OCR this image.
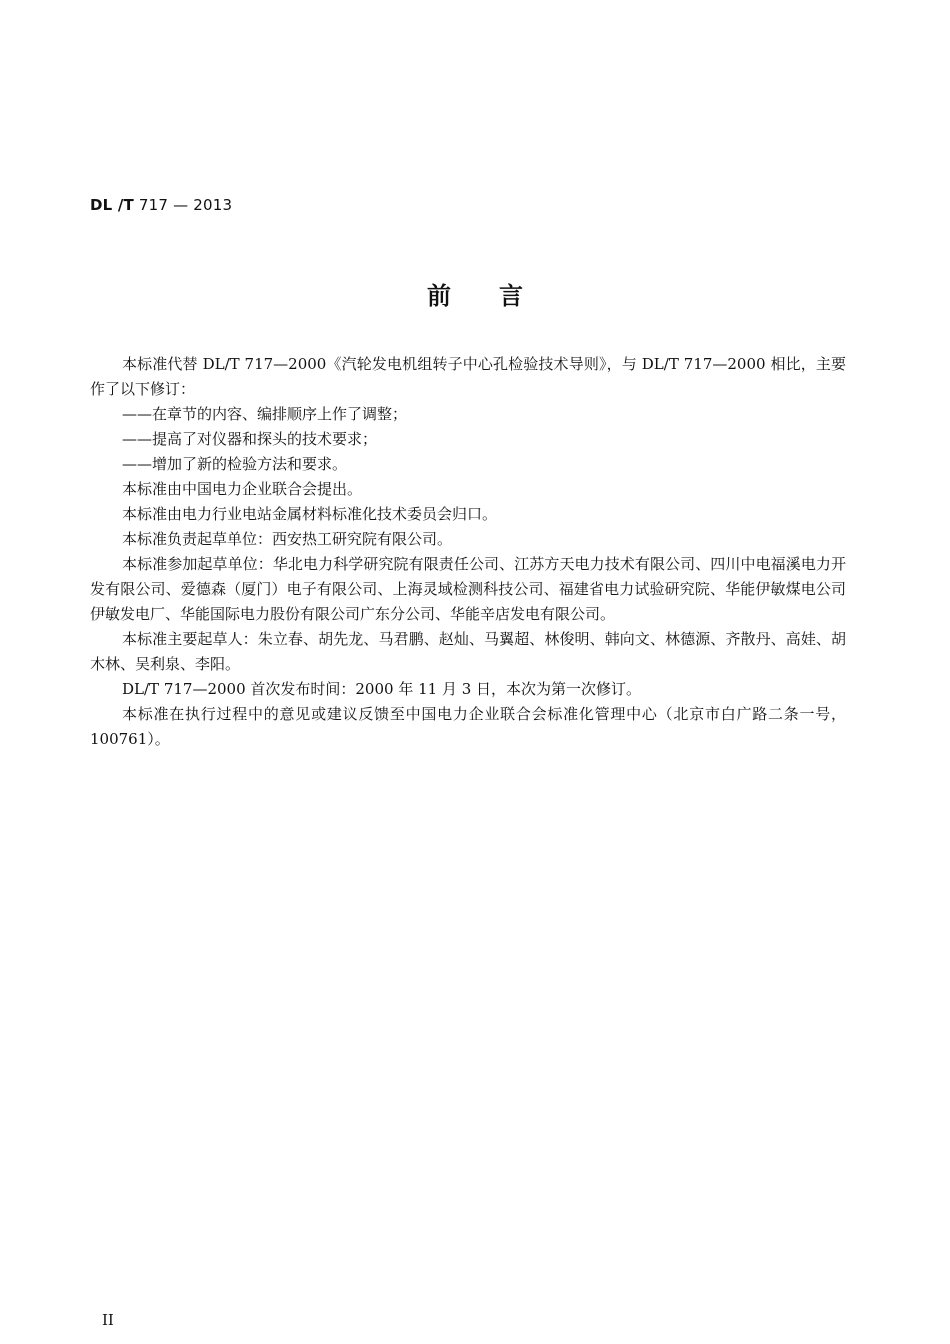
DL /T 717 — 2013
前言

本标准代替 DL/T 717—2000《汽轮发电机组转子中心孔检验技术导则》，与 DL/T 717—2000 相比，主要作了以下修订：

——在章节的内容、编排顺序上作了调整；

——提高了对仪器和探头的技术要求；

——增加了新的检验方法和要求。

本标准由中国电力企业联合会提出。

本标准由电力行业电站金属材料标准化技术委员会归口。

本标准负责起草单位：西安热工研究院有限公司。

本标准参加起草单位：华北电力科学研究院有限责任公司、江苏方天电力技术有限公司、四川中电福溪电力开发有限公司、爱德森（厦门）电子有限公司、上海灵域检测科技公司、福建省电力试验研究院、华能伊敏煤电公司伊敏发电厂、华能国际电力股份有限公司广东分公司、华能辛店发电有限公司。

本标准主要起草人：朱立春、胡先龙、马君鹏、赵灿、马翼超、林俊明、韩向文、林德源、齐散丹、高娃、胡木林、吴利泉、李阳。

DL/T 717—2000 首次发布时间：2000 年 11 月 3 日，本次为第一次修订。

本标准在执行过程中的意见或建议反馈至中国电力企业联合会标准化管理中心（北京市白广路二条一号，100761）。

II
